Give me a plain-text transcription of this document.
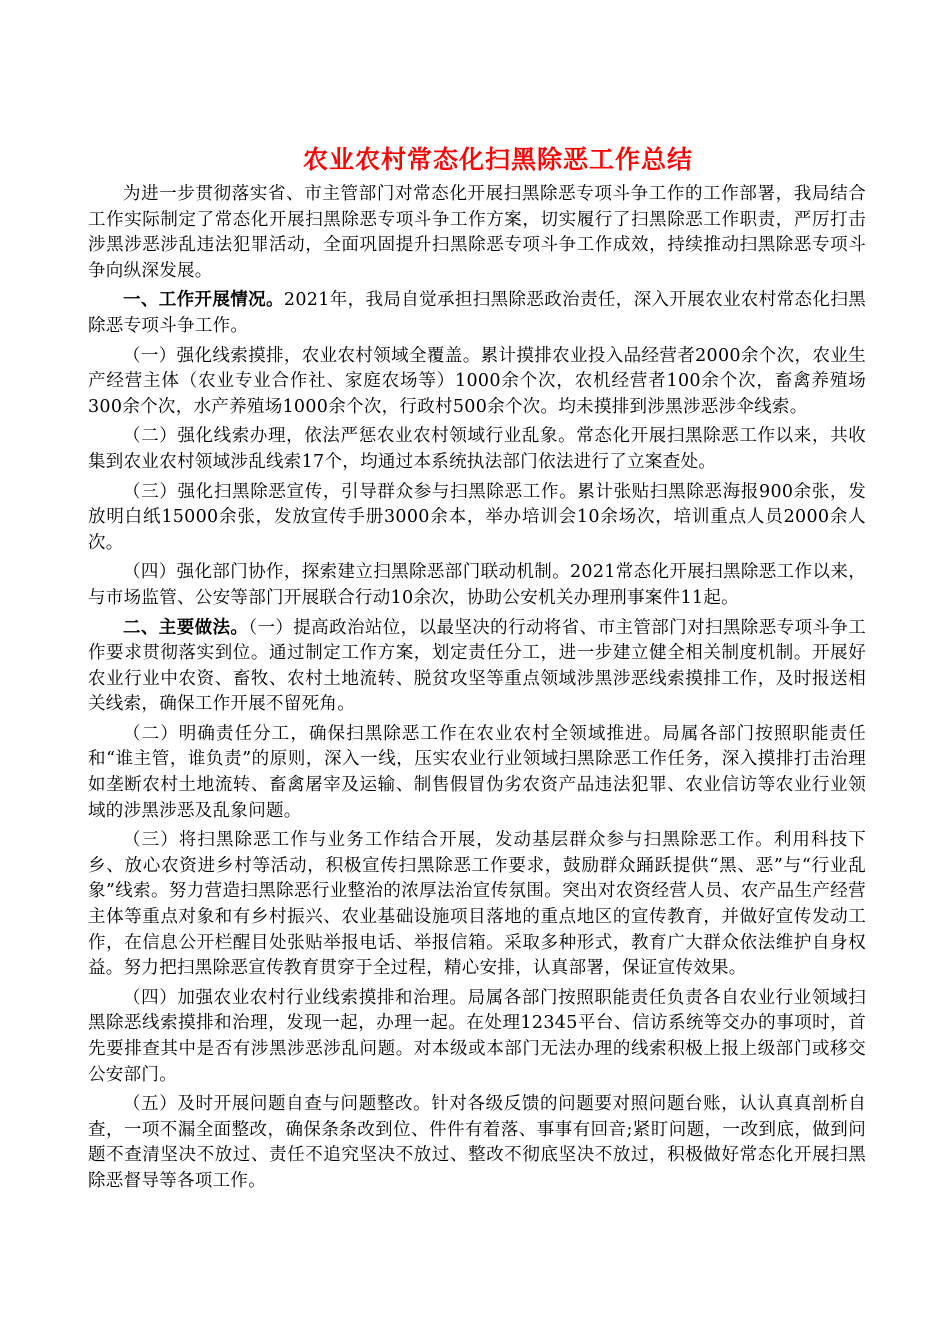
农业农村常态化扫黑除恶工作总结

为进一步贯彻落实省、市主管部门对常态化开展扫黑除恶专项斗争工作的工作部署，我局结合工作实际制定了常态化开展扫黑除恶专项斗争工作方案，切实履行了扫黑除恶工作职责，严厉打击涉黑涉恶涉乱违法犯罪活动，全面巩固提升扫黑除恶专项斗争工作成效，持续推动扫黑除恶专项斗争向纵深发展。

一、工作开展情况。2021年，我局自觉承担扫黑除恶政治责任，深入开展农业农村常态化扫黑除恶专项斗争工作。

（一）强化线索摸排，农业农村领域全覆盖。累计摸排农业投入品经营者2000余个次，农业生产经营主体（农业专业合作社、家庭农场等）1000余个次，农机经营者100余个次，畜禽养殖场300余个次，水产养殖场1000余个次，行政村500余个次。均未摸排到涉黑涉恶涉伞线索。

（二）强化线索办理，依法严惩农业农村领域行业乱象。常态化开展扫黑除恶工作以来，共收集到农业农村领域涉乱线索17个，均通过本系统执法部门依法进行了立案查处。

（三）强化扫黑除恶宣传，引导群众参与扫黑除恶工作。累计张贴扫黑除恶海报900余张，发放明白纸15000余张，发放宣传手册3000余本，举办培训会10余场次，培训重点人员2000余人次。

（四）强化部门协作，探索建立扫黑除恶部门联动机制。2021常态化开展扫黑除恶工作以来，与市场监管、公安等部门开展联合行动10余次，协助公安机关办理刑事案件11起。

二、主要做法。（一）提高政治站位，以最坚决的行动将省、市主管部门对扫黑除恶专项斗争工作要求贯彻落实到位。通过制定工作方案，划定责任分工，进一步建立健全相关制度机制。开展好农业行业中农资、畜牧、农村土地流转、脱贫攻坚等重点领域涉黑涉恶线索摸排工作，及时报送相关线索，确保工作开展不留死角。

（二）明确责任分工，确保扫黑除恶工作在农业农村全领域推进。局属各部门按照职能责任和“谁主管，谁负责”的原则，深入一线，压实农业行业领域扫黑除恶工作任务，深入摸排打击治理如垄断农村土地流转、畜禽屠宰及运输、制售假冒伪劣农资产品违法犯罪、农业信访等农业行业领域的涉黑涉恶及乱象问题。

（三）将扫黑除恶工作与业务工作结合开展，发动基层群众参与扫黑除恶工作。利用科技下乡、放心农资进乡村等活动，积极宣传扫黑除恶工作要求，鼓励群众踊跃提供“黑、恶”与“行业乱象”线索。努力营造扫黑除恶行业整治的浓厚法治宣传氛围。突出对农资经营人员、农产品生产经营主体等重点对象和有乡村振兴、农业基础设施项目落地的重点地区的宣传教育，并做好宣传发动工作，在信息公开栏醒目处张贴举报电话、举报信箱。采取多种形式，教育广大群众依法维护自身权益。努力把扫黑除恶宣传教育贯穿于全过程，精心安排，认真部署，保证宣传效果。

（四）加强农业农村行业线索摸排和治理。局属各部门按照职能责任负责各自农业行业领域扫黑除恶线索摸排和治理，发现一起，办理一起。在处理12345平台、信访系统等交办的事项时，首先要排查其中是否有涉黑涉恶涉乱问题。对本级或本部门无法办理的线索积极上报上级部门或移交公安部门。

（五）及时开展问题自查与问题整改。针对各级反馈的问题要对照问题台账，认认真真剖析自查，一项不漏全面整改，确保条条改到位、件件有着落、事事有回音;紧盯问题，一改到底，做到问题不查清坚决不放过、责任不追究坚决不放过、整改不彻底坚决不放过，积极做好常态化开展扫黑除恶督导等各项工作。
